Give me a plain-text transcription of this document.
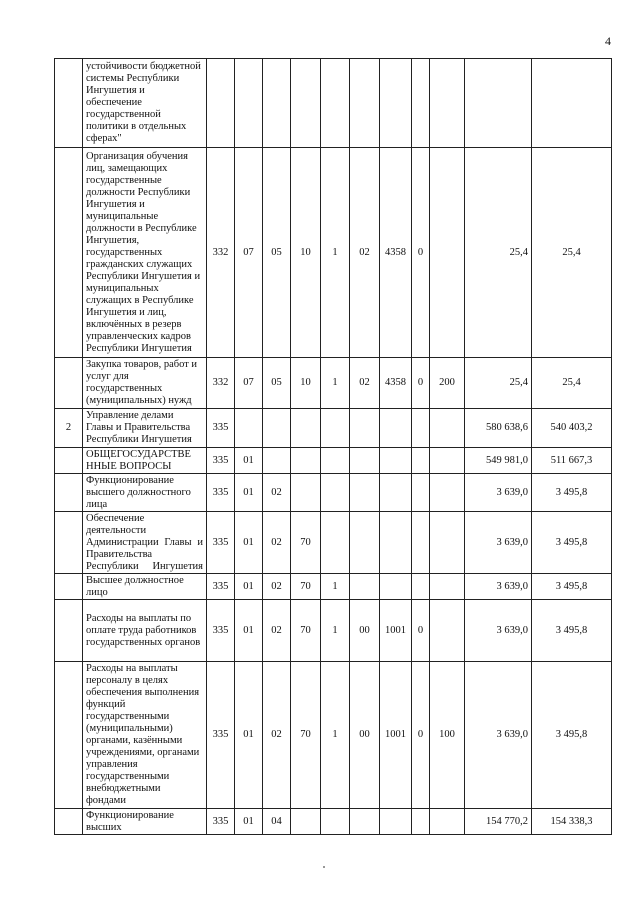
4
	устойчивости бюджетной системы Республики Ингушетия и обеспечение государственной политики в отдельных сферах"											
	Организация обучения лиц, замещающих государственные должности Республики Ингушетия и муниципальные должности в Республике Ингушетия, государственных гражданских служащих Республики Ингушетия и муниципальных служащих в Республике Ингушетия и лиц, включённых в резерв управленческих кадров Республики Ингушетия	332	07	05	10	1	02	4358	0		25,4	25,4
	Закупка товаров, работ и услуг для государственных (муниципальных) нужд	332	07	05	10	1	02	4358	0	200	25,4	25,4
2	Управление делами Главы и Правительства Республики Ингушетия	335									580 638,6	540 403,2
	ОБЩЕГОСУДАРСТВЕ ННЫЕ ВОПРОСЫ	335	01								549 981,0	511 667,3
	Функционирование высшего должностного лица	335	01	02							3 639,0	3 495,8
	Обеспечение деятельности Администрации Главы и Правительства Республики Ингушетия	335	01	02	70						3 639,0	3 495,8
	Высшее должностное лицо	335	01	02	70	1					3 639,0	3 495,8
	Расходы на выплаты по оплате труда работников государственных органов	335	01	02	70	1	00	1001	0		3 639,0	3 495,8
	Расходы на выплаты персоналу в целях обеспечения выполнения функций государственными (муниципальными) органами, казёнными учреждениями, органами управления государственными внебюджетными фондами	335	01	02	70	1	00	1001	0	100	3 639,0	3 495,8
	Функционирование высших	335	01	04							154 770,2	154 338,3
